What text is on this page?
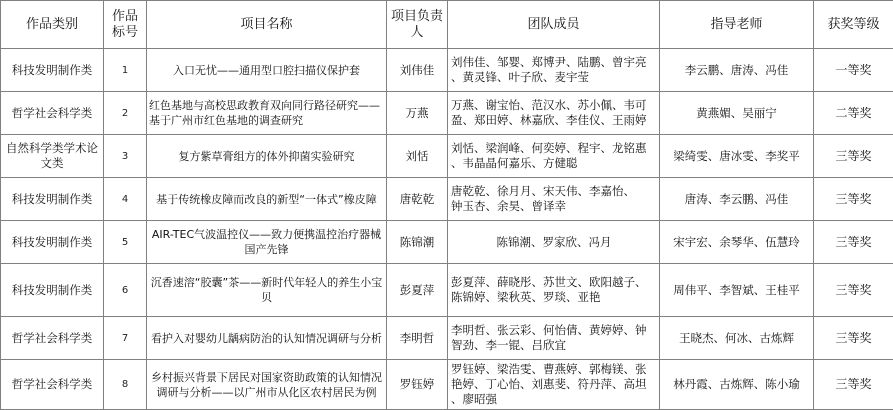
作品类别	作品标号	项目名称	项目负责人	团队成员	指导老师	获奖等级
科技发明制作类	1	入口无忧——通用型口腔扫描仪保护套	刘伟佳	刘伟佳、邹婴、郑博尹、陆鹏、曾宇亮
、黄灵锋、叶子欣、麦宇莹	李云鹏、唐涛、冯佳	一等奖
哲学社会科学类	2	红色基地与高校思政教育双向同行路径研究——基于广州市红色基地的调查研究	万燕	万燕、谢宝怡、范汉水、苏小佩、韦可
盈、郑田婷、林嘉欣、李佳仪、王雨婷	黄燕媚、吴丽宁	二等奖
自然科学类学术论文类	3	复方紫草膏组方的体外抑菌实验研究	刘恬	刘恬、梁润峰、何奕婷、程宇、龙铭惠
、韦晶晶何嘉乐、方健聪	梁绮雯、唐冰雯、李奖平	三等奖
科技发明制作类	4	基于传统橡皮障而改良的新型“一体式”橡皮障	唐乾乾	唐乾乾、徐月月、宋天伟、李嘉怡、
钟玉杏、余昊、曾译幸	唐涛、李云鹏、冯佳	三等奖
科技发明制作类	5	AIR-TEC气波温控仪——致力便携温控治疗器械国产先锋	陈锦潮	陈锦潮、罗家欣、冯月	宋宇宏、余琴华、伍慧玲	三等奖
科技发明制作类	6	沉香速溶“胶囊”茶——新时代年轻人的养生小宝贝	彭夏萍	彭夏萍、薛晓彤、苏世文、欧阳越子、
陈锦婷、梁秋英、罗琰、亚艳	周伟平、李智斌、王桂平	三等奖
哲学社会科学类	7	看护入对婴幼儿龋病防治的认知情况调研与分析	李明哲	李明哲、张云彩、何怡倩、黄婷婷、钟
智劲、李一锟、吕欣宜	王晓杰、何冰、古炼辉	三等奖
哲学社会科学类	8	乡村振兴背景下居民对国家资助政策的认知情况调研与分析——以广州市从化区农村居民为例	罗钰婷	罗钰婷、梁浩雯、曹燕婷、郭梅镁、张
艳婷、丁心怡、刘惠斐、符丹萍、高坦
、廖昭强	林丹霞、古炼辉、陈小瑜	三等奖
